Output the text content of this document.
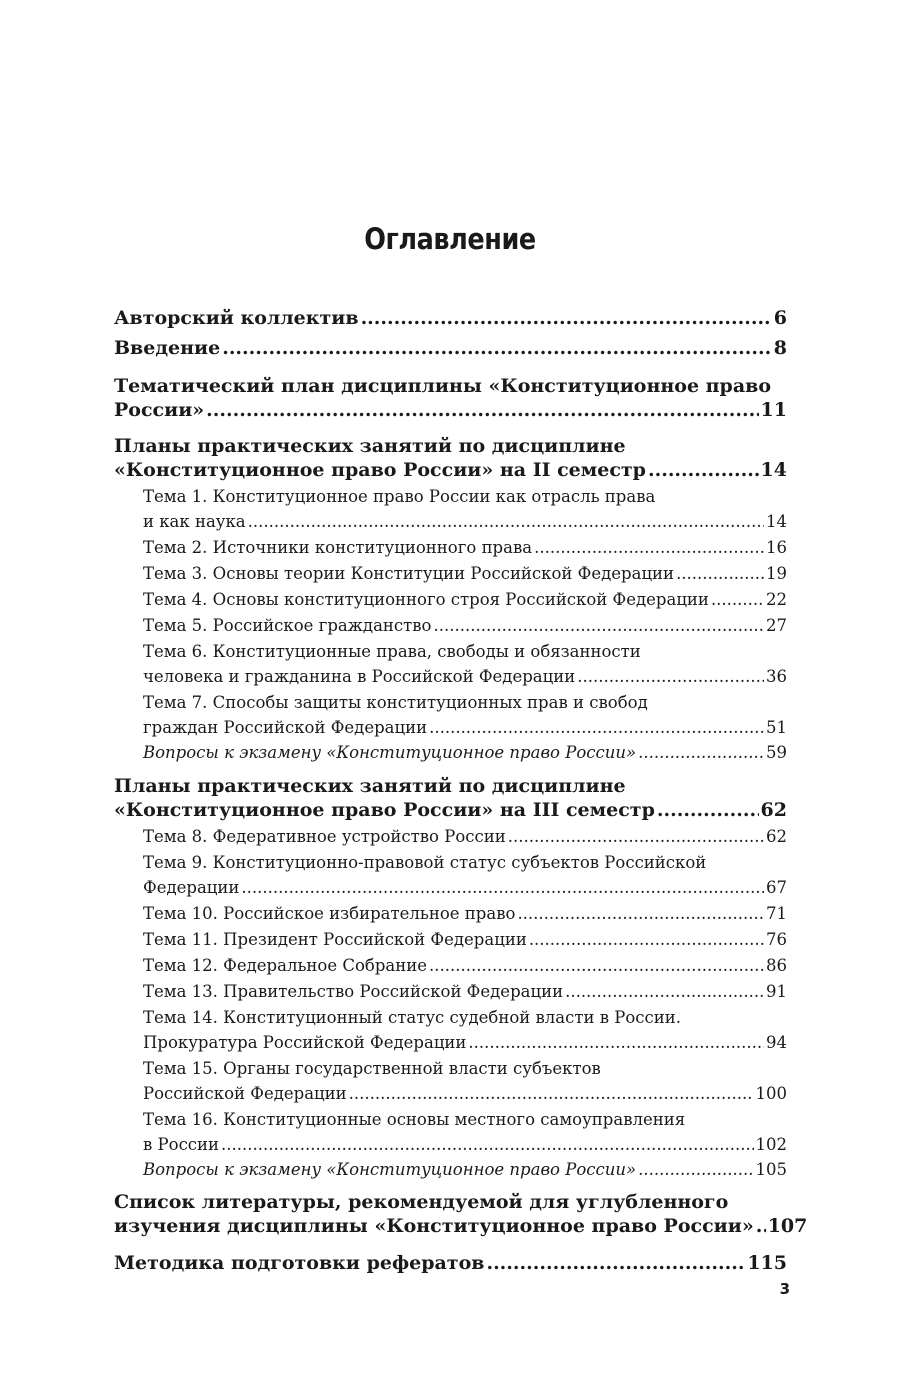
Оглавление
Авторский коллектив .....	6
Введение .....	8
Тематический план дисциплины «Конституционное право
России» .....	11
Планы практических занятий по дисциплине
«Конституционное право России» на II семестр .....	14
Тема 1. Конституционное право России как отрасль права
и как наука .....	14
Тема 2. Источники конституционного права .....	16
Тема 3. Основы теории Конституции Российской Федерации .....	19
Тема 4. Основы конституционного строя Российской Федерации .....	22
Тема 5. Российское гражданство .....	27
Тема 6. Конституционные права, свободы и обязанности
человека и гражданина в Российской Федерации .....	36
Тема 7. Способы защиты конституционных прав и свобод
граждан Российской Федерации .....	51
Вопросы к экзамену «Конституционное право России» .....	59
Планы практических занятий по дисциплине
«Конституционное право России» на III семестр .....	62
Тема 8. Федеративное устройство России .....	62
Тема 9. Конституционно-правовой статус субъектов Российской
Федерации .....	67
Тема 10. Российское избирательное право .....	71
Тема 11. Президент Российской Федерации .....	76
Тема 12. Федеральное Собрание .....	86
Тема 13. Правительство Российской Федерации .....	91
Тема 14. Конституционный статус судебной власти в России.
Прокуратура Российской Федерации .....	94
Тема 15. Органы государственной власти субъектов
Российской Федерации .....	100
Тема 16. Конституционные основы местного самоуправления
в России .....	102
Вопросы к экзамену «Конституционное право России» .....	105
Список литературы, рекомендуемой для углубленного
изучения дисциплины «Конституционное право России» ..... 107
Методика подготовки рефератов .....	115
3
